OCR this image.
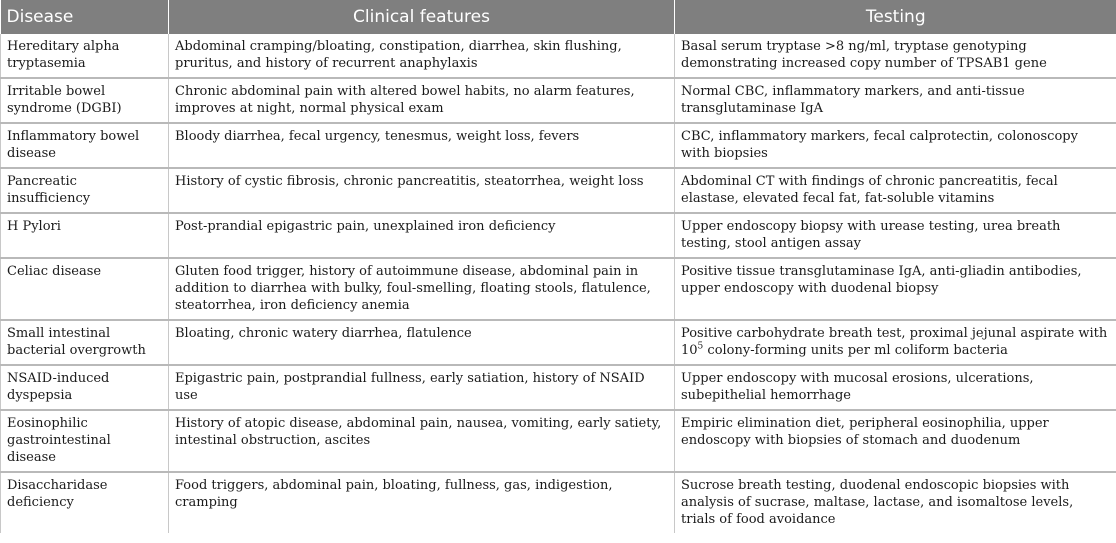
Disease	Clinical features	Testing
Hereditary alpha tryptasemia	Abdominal cramping/bloating, constipation, diarrhea, skin flushing, pruritus, and history of recurrent anaphylaxis	Basal serum tryptase >8 ng/ml, tryptase genotyping demonstrating increased copy number of TPSAB1 gene
Irritable bowel syndrome (DGBI)	Chronic abdominal pain with altered bowel habits, no alarm features, improves at night, normal physical exam	Normal CBC, inflammatory markers, and anti-tissue transglutaminase IgA
Inflammatory bowel disease	Bloody diarrhea, fecal urgency, tenesmus, weight loss, fevers	CBC, inflammatory markers, fecal calprotectin, colonoscopy with biopsies
Pancreatic insufficiency	History of cystic fibrosis, chronic pancreatitis, steatorrhea, weight loss	Abdominal CT with findings of chronic pancreatitis, fecal elastase, elevated fecal fat, fat-soluble vitamins
H Pylori	Post-prandial epigastric pain, unexplained iron deficiency	Upper endoscopy biopsy with urease testing, urea breath testing, stool antigen assay
Celiac disease	Gluten food trigger, history of autoimmune disease, abdominal pain in addition to diarrhea with bulky, foul-smelling, floating stools, flatulence, steatorrhea, iron deficiency anemia	Positive tissue transglutaminase IgA, anti-gliadin antibodies, upper endoscopy with duodenal biopsy
Small intestinal bacterial overgrowth	Bloating, chronic watery diarrhea, flatulence	Positive carbohydrate breath test, proximal jejunal aspirate with $10^5$ colony-forming units per ml coliform bacteria
NSAID-induced dyspepsia	Epigastric pain, postprandial fullness, early satiation, history of NSAID use	Upper endoscopy with mucosal erosions, ulcerations, subepithelial hemorrhage
Eosinophilic gastrointestinal disease	History of atopic disease, abdominal pain, nausea, vomiting, early satiety, intestinal obstruction, ascites	Empiric elimination diet, peripheral eosinophilia, upper endoscopy with biopsies of stomach and duodenum
Disaccharidase deficiency	Food triggers, abdominal pain, bloating, fullness, gas, indigestion, cramping	Sucrose breath testing, duodenal endoscopic biopsies with analysis of sucrase, maltase, lactase, and isomaltose levels, trials of food avoidance
